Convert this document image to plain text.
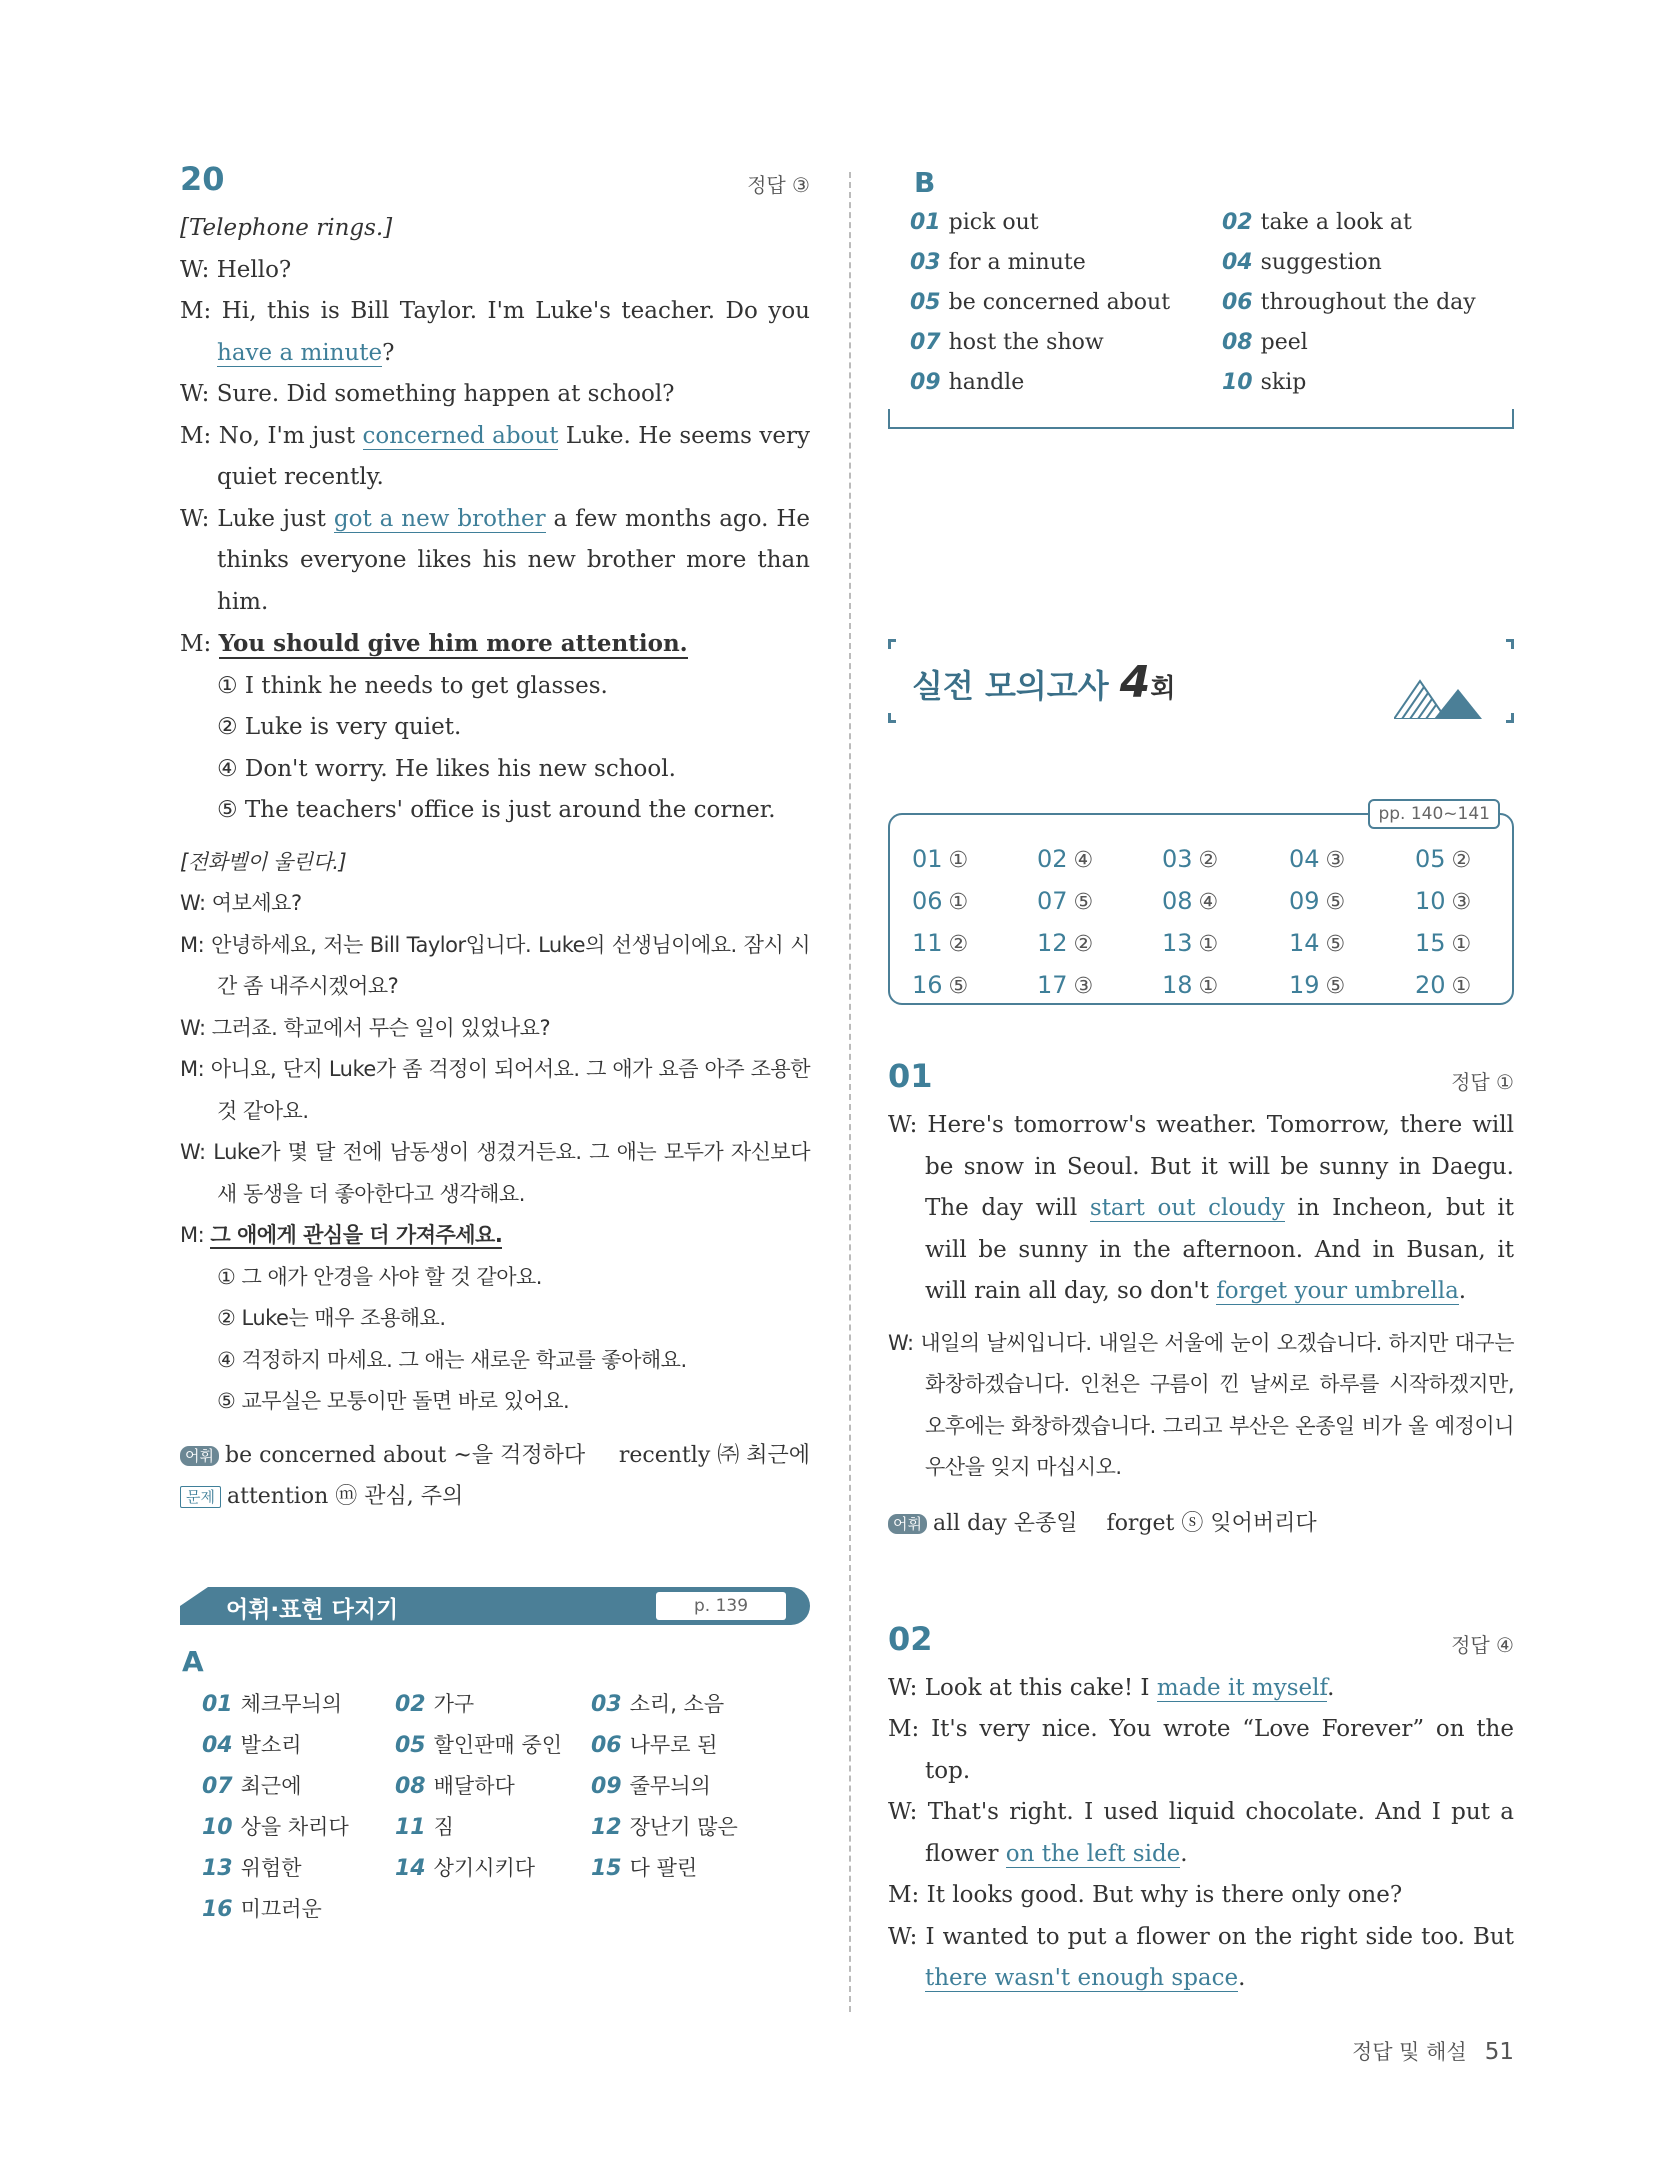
20	정답 ③
[Telephone rings.]
W: Hello?
M: Hi, this is Bill Taylor. I'm Luke's teacher. Do you have a minute?
W: Sure. Did something happen at school?
M: No, I'm just concerned about Luke. He seems very quiet recently.
W: Luke just got a new brother a few months ago. He thinks everyone likes his new brother more than him.
M: You should give him more attention.
① I think he needs to get glasses.
② Luke is very quiet.
④ Don't worry. He likes his new school.
⑤ The teachers' office is just around the corner.
[전화벨이 울린다.]
W: 여보세요?
M: 안녕하세요, 저는 Bill Taylor입니다. Luke의 선생님이에요. 잠시 시간 좀 내주시겠어요?
W: 그러죠. 학교에서 무슨 일이 있었나요?
M: 아니요, 단지 Luke가 좀 걱정이 되어서요. 그 애가 요즘 아주 조용한 것 같아요.
W: Luke가 몇 달 전에 남동생이 생겼거든요. 그 애는 모두가 자신보다 새 동생을 더 좋아한다고 생각해요.
M: 그 애에게 관심을 더 가져주세요.
① 그 애가 안경을 사야 할 것 같아요.
② Luke는 매우 조용해요.
④ 걱정하지 마세요. 그 애는 새로운 학교를 좋아해요.
⑤ 교무실은 모퉁이만 돌면 바로 있어요.
어휘 be concerned about ~을 걱정하다 recently ㈜ 최근에
문제 attention ⓜ 관심, 주의
어휘·표현 다지기	p. 139
A
01 체크무늬의	02 가구	03 소리, 소음
04 발소리	05 할인판매 중인	06 나무로 된
07 최근에	08 배달하다	09 줄무늬의
10 상을 차리다	11 짐	12 장난기 많은
13 위험한	14 상기시키다	15 다 팔린
16 미끄러운
B
01 pick out	02 take a look at
03 for a minute	04 suggestion
05 be concerned about	06 throughout the day
07 host the show	08 peel
09 handle	10 skip
실전 모의고사 4회
pp. 140~141
01 ①	02 ④	03 ②	04 ③	05 ②
06 ①	07 ⑤	08 ④	09 ⑤	10 ③
11 ②	12 ②	13 ①	14 ⑤	15 ①
16 ⑤	17 ③	18 ①	19 ⑤	20 ①
01	정답 ①
W: Here's tomorrow's weather. Tomorrow, there will be snow in Seoul. But it will be sunny in Daegu. The day will start out cloudy in Incheon, but it will be sunny in the afternoon. And in Busan, it will rain all day, so don't forget your umbrella.
W: 내일의 날씨입니다. 내일은 서울에 눈이 오겠습니다. 하지만 대구는 화창하겠습니다. 인천은 구름이 낀 날씨로 하루를 시작하겠지만, 오후에는 화창하겠습니다. 그리고 부산은 온종일 비가 올 예정이니 우산을 잊지 마십시오.
어휘 all day 온종일 forget ⓢ 잊어버리다
02	정답 ④
W: Look at this cake! I made it myself.
M: It's very nice. You wrote “Love Forever” on the top.
W: That's right. I used liquid chocolate. And I put a flower on the left side.
M: It looks good. But why is there only one?
W: I wanted to put a flower on the right side too. But there wasn't enough space.
정답 및 해설 51
